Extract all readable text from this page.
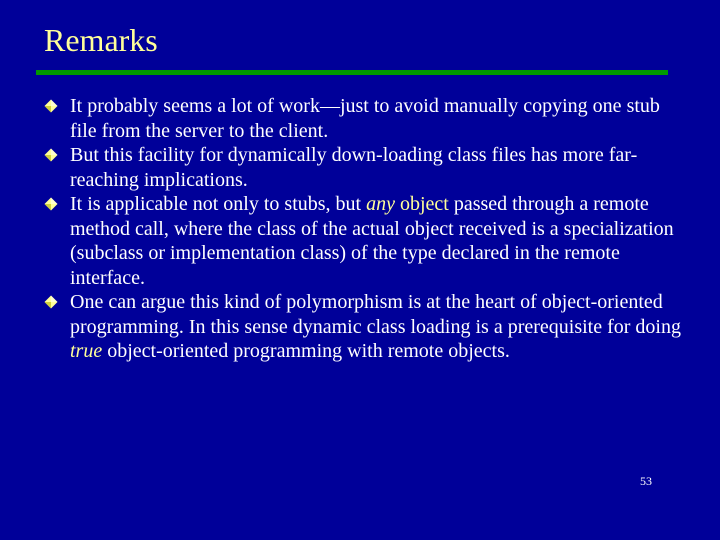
Remarks
It probably seems a lot of work—just to avoid manually copying one stub file from the server to the client.
But this facility for dynamically down-loading class files has more far-reaching implications.
It is applicable not only to stubs, but any object passed through a remote method call, where the class of the actual object received is a specialization (subclass or implementation class) of the type declared in the remote interface.
One can argue this kind of polymorphism is at the heart of object-oriented programming. In this sense dynamic class loading is a prerequisite for doing true object-oriented programming with remote objects.
53
